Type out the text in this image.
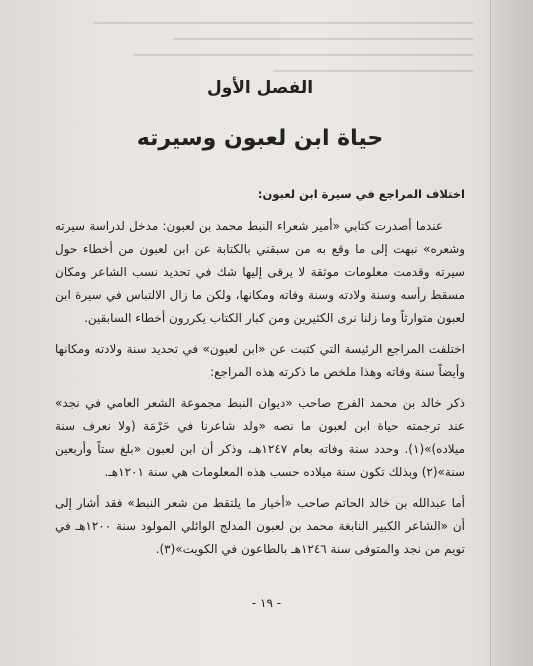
الفصل الأول
حياة ابن لعبون وسيرته
اختلاف المراجع في سيرة ابن لعبون:

عندما أصدرت كتابي «أمير شعراء النبط محمد بن لعبون: مدخل لدراسة سيرته وشعره» نبهت إلى ما وقع به من سبقني بالكتابة عن ابن لعبون من أخطاء حول سيرته وقدمت معلومات موثقة لا يرقى إليها شك في تحديد نسب الشاعر ومكان مسقط رأسه وسنة ولادته وسنة وفاته ومكانها، ولكن ما زال الالتباس في سيرة ابن لعبون متوارثاً وما زلنا نرى الكثيرين ومن كبار الكتاب يكررون أخطاء السابقين.

اختلفت المراجع الرئيسة التي كتبت عن «ابن لعبون» في تحديد سنة ولادته ومكانها وأيضاً سنة وفاته وهذا ملخص ما ذكرته هذه المراجع:

ذكر خالد بن محمد الفرج صاحب «ديوان النبط مجموعة الشعر العامي في نجد» عند ترجمته حياة ابن لعبون ما نصه «ولد شاعرنا في حَرْمَة (ولا نعرف سنة ميلاده)»(١). وحدد سنة وفاته بعام ١٢٤٧هـ، وذكر أن ابن لعبون «بلغ ستاً وأربعين سنة»(٢) وبذلك تكون سنة ميلاده حسب هذه المعلومات هي سنة ١٢٠١هـ.

أما عبدالله بن خالد الحاتم صاحب «أخيار ما يلتقط من شعر النبط» فقد أشار إلى أن «الشاعر الكبير النابغة محمد بن لعبون المدلج الوائلي المولود سنة ١٢٠٠هـ في تويم من نجد والمتوفى سنة ١٢٤٦هـ بالطاعون في الكويت»(٣).

- ١٩ -
